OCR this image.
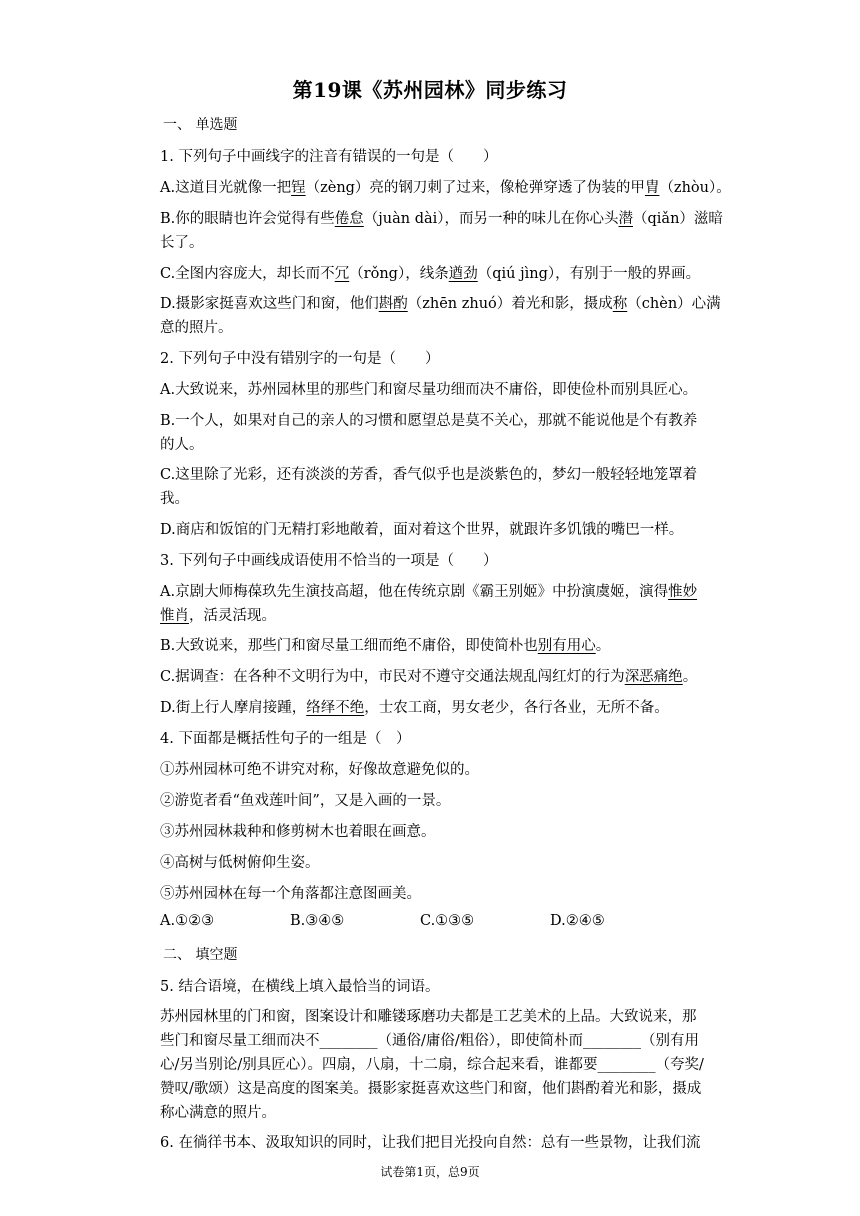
第19课《苏州园林》同步练习
一、 单选题
1. 下列句子中画线字的注音有错误的一句是（　　）
A.这道目光就像一把锃（zèng）亮的钢刀刺了过来，像枪弹穿透了伪装的甲胄（zhòu）。
B.你的眼睛也许会觉得有些倦怠（juàn dài），而另一种的味儿在你心头潜（qiǎn）滋暗
长了。
C.全图内容庞大，却长而不冗（rǒng），线条遒劲（qiú jìng），有别于一般的界画。
D.摄影家挺喜欢这些门和窗，他们斟酌（zhēn zhuó）着光和影，摄成称（chèn）心满
意的照片。
2. 下列句子中没有错别字的一句是（　　）
A.大致说来，苏州园林里的那些门和窗尽量功细而决不庸俗，即使俭朴而别具匠心。
B.一个人，如果对自己的亲人的习惯和愿望总是莫不关心，那就不能说他是个有教养
的人。
C.这里除了光彩，还有淡淡的芳香，香气似乎也是淡紫色的，梦幻一般轻轻地笼罩着
我。
D.商店和饭馆的门无精打彩地敞着，面对着这个世界，就跟许多饥饿的嘴巴一样。
3. 下列句子中画线成语使用不恰当的一项是（　　）
A.京剧大师梅葆玖先生演技高超，他在传统京剧《霸王别姬》中扮演虞姬，演得惟妙
惟肖，活灵活现。
B.大致说来，那些门和窗尽量工细而绝不庸俗，即使简朴也别有用心。
C.据调查：在各种不文明行为中，市民对不遵守交通法规乱闯红灯的行为深恶痛绝。
D.街上行人摩肩接踵，络绎不绝，士农工商，男女老少，各行各业，无所不备。
4. 下面都是概括性句子的一组是（　）
①苏州园林可绝不讲究对称，好像故意避免似的。
②游览者看“鱼戏莲叶间”，又是入画的一景。
③苏州园林栽种和修剪树木也着眼在画意。
④高树与低树俯仰生姿。
⑤苏州园林在每一个角落都注意图画美。
A.①②③	B.③④⑤	C.①③⑤	D.②④⑤
二、 填空题
5. 结合语境，在横线上填入最恰当的词语。
苏州园林里的门和窗，图案设计和雕镂琢磨功夫都是工艺美术的上品。大致说来，那
些门和窗尽量工细而决不________（通俗/庸俗/粗俗），即使简朴而________（别有用
心/另当别论/别具匠心）。四扇，八扇，十二扇，综合起来看，谁都要________（夸奖/
赞叹/歌颂）这是高度的图案美。摄影家挺喜欢这些门和窗，他们斟酌着光和影，摄成
称心满意的照片。
6. 在徜徉书本、汲取知识的同时，让我们把目光投向自然：总有一些景物，让我们流
试卷第1页，总9页
